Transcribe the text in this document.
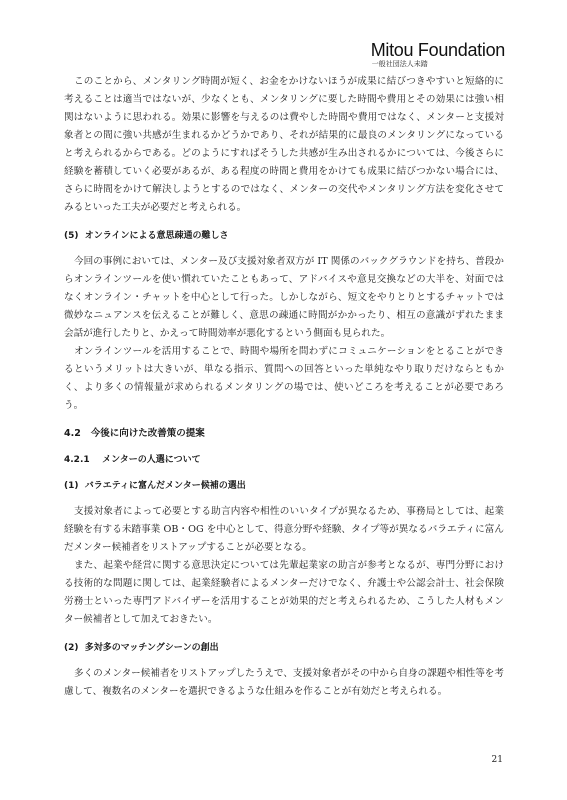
Mitou Foundation
一般社団法人未踏

このことから、メンタリング時間が短く、お金をかけないほうが成果に結びつきやすいと短絡的に考えることは適当ではないが、少なくとも、メンタリングに要した時間や費用とその効果には強い相関はないように思われる。効果に影響を与えるのは費やした時間や費用ではなく、メンターと支援対象者との間に強い共感が生まれるかどうかであり、それが結果的に最良のメンタリングになっていると考えられるからである。どのようにすればそうした共感が生み出されるかについては、今後さらに経験を蓄積していく必要があるが、ある程度の時間と費用をかけても成果に結びつかない場合には、さらに時間をかけて解決しようとするのではなく、メンターの交代やメンタリング方法を変化させてみるといった工夫が必要だと考えられる。

(5) オンラインによる意思疎通の難しさ

今回の事例においては、メンター及び支援対象者双方が IT 関係のバックグラウンドを持ち、普段からオンラインツールを使い慣れていたこともあって、アドバイスや意見交換などの大半を、対面ではなくオンライン・チャットを中心として行った。しかしながら、短文をやりとりとするチャットでは微妙なニュアンスを伝えることが難しく、意思の疎通に時間がかかったり、相互の意識がずれたまま会話が進行したりと、かえって時間効率が悪化するという側面も見られた。

オンラインツールを活用することで、時間や場所を問わずにコミュニケーションをとることができるというメリットは大きいが、単なる指示、質問への回答といった単純なやり取りだけならともかく、より多くの情報量が求められるメンタリングの場では、使いどころを考えることが必要であろう。

4.2 今後に向けた改善策の提案
4.2.1 メンターの人選について
(1) バラエティに富んだメンター候補の選出

支援対象者によって必要とする助言内容や相性のいいタイプが異なるため、事務局としては、起業経験を有する未踏事業 OB・OG を中心として、得意分野や経験、タイプ等が異なるバラエティに富んだメンター候補者をリストアップすることが必要となる。

また、起業や経営に関する意思決定については先輩起業家の助言が参考となるが、専門分野における技術的な問題に関しては、起業経験者によるメンターだけでなく、弁護士や公認会計士、社会保険労務士といった専門アドバイザーを活用することが効果的だと考えられるため、こうした人材もメンター候補者として加えておきたい。

(2) 多対多のマッチングシーンの創出

多くのメンター候補者をリストアップしたうえで、支援対象者がその中から自身の課題や相性等を考慮して、複数名のメンターを選択できるような仕組みを作ることが有効だと考えられる。

21
